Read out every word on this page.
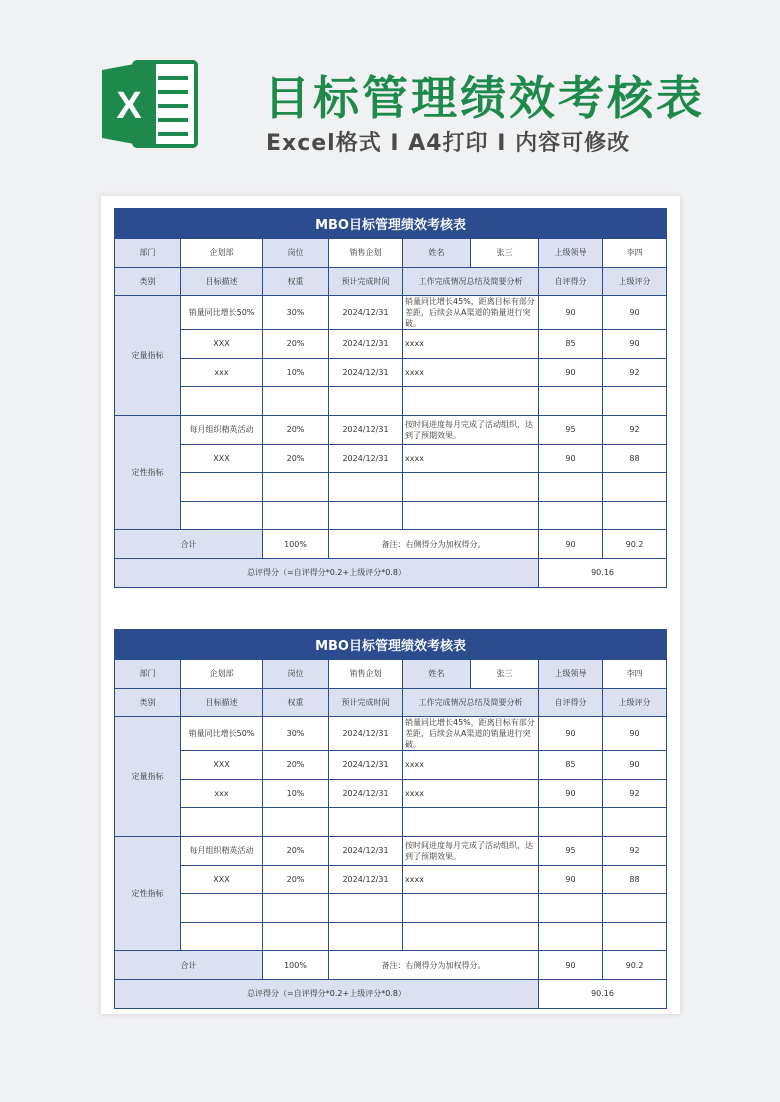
X	目标管理绩效考核表
Excel格式 I A4打印 I 内容可修改
MBO目标管理绩效考核表							
部门	企划部	岗位	销售企划	姓名	张三	上级领导	李四
类别	目标描述	权重	预计完成时间	工作完成情况总结及简要分析		自评得分	上级评分
定量指标	销量同比增长50%	30%	2024/12/31	销量同比增长45%，距离目标有部分差距，后续会从A渠道的销量进行突破。		90	90
	XXX	20%	2024/12/31	xxxx		85	90
	xxx	10%	2024/12/31	xxxx		90	92

定性指标	每月组织精英活动	20%	2024/12/31	按时间进度每月完成了活动组织，达到了预期效果。		95	92
	XXX	20%	2024/12/31	xxxx		90	88

合计		100%	备注：右侧得分为加权得分。			90	90.2
总评得分（=自评得分*0.2+上级评分*0.8）						90.16	
MBO目标管理绩效考核表							
部门	企划部	岗位	销售企划	姓名	张三	上级领导	李四
类别	目标描述	权重	预计完成时间	工作完成情况总结及简要分析		自评得分	上级评分
定量指标	销量同比增长50%	30%	2024/12/31	销量同比增长45%，距离目标有部分差距，后续会从A渠道的销量进行突破。		90	90
	XXX	20%	2024/12/31	xxxx		85	90
	xxx	10%	2024/12/31	xxxx		90	92

定性指标	每月组织精英活动	20%	2024/12/31	按时间进度每月完成了活动组织，达到了预期效果。		95	92
	XXX	20%	2024/12/31	xxxx		90	88

合计		100%	备注：右侧得分为加权得分。			90	90.2
总评得分（=自评得分*0.2+上级评分*0.8）						90.16	
